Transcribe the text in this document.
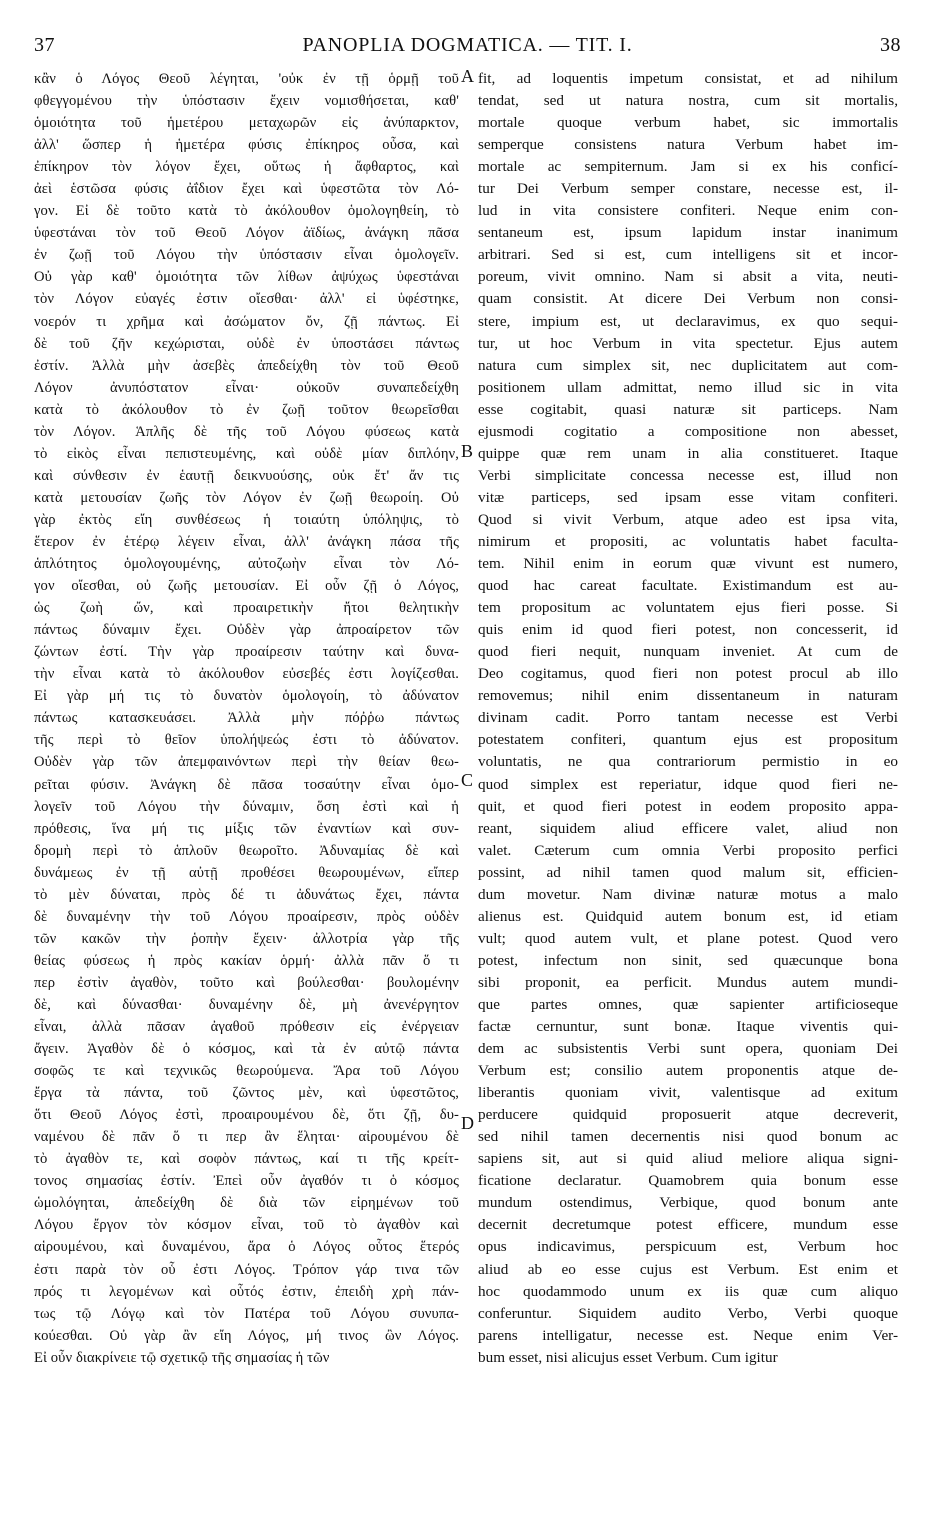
37	PANOPLIA DOGMATICA. — TIT. I.	38
κἂν ὁ Λόγος Θεοῦ λέγηται, 'οὐκ ἐν τῇ ὁρμῇ τοῦ
φθεγγομένου τὴν ὑπόστασιν ἔχειν νομισθήσεται, καθ'
ὁμοιότητα τοῦ ἡμετέρου μεταχωρῶν εἰς ἀνύπαρκτον,
ἀλλ' ὥσπερ ἡ ἡμετέρα φύσις ἐπίκηρος οὖσα, καὶ
ἐπίκηρον τὸν λόγον ἔχει, οὕτως ἡ ἄφθαρτος, καὶ
ἀεὶ ἑστῶσα φύσις ἀΐδιον ἔχει καὶ ὑφεστῶτα τὸν Λό-
γον. Εἰ δὲ τοῦτο κατὰ τὸ ἀκόλουθον ὁμολογηθείη, τὸ
ὑφεστάναι τὸν τοῦ Θεοῦ Λόγον ἀϊδίως, ἀνάγκη πᾶσα
ἐν ζωῇ τοῦ Λόγου τὴν ὑπόστασιν εἶναι ὁμολογεῖν.
Οὐ γὰρ καθ' ὁμοιότητα τῶν λίθων ἀψύχως ὑφεστάναι
τὸν Λόγον εὐαγές ἐστιν οἴεσθαι· ἀλλ' εἰ ὑφέστηκε,
νοερόν τι χρῆμα καὶ ἀσώματον ὄν, ζῇ πάντως. Εἰ
δὲ τοῦ ζῆν κεχώρισται, οὐδὲ ἐν ὑποστάσει πάντως
ἐστίν. Ἀλλὰ μὴν ἀσεβὲς ἀπεδείχθη τὸν τοῦ Θεοῦ
Λόγον ἀνυπόστατον εἶναι· οὐκοῦν συναπεδείχθη
κατὰ τὸ ἀκόλουθον τὸ ἐν ζωῇ τοῦτον θεωρεῖσθαι
τὸν Λόγον. Ἁπλῆς δὲ τῆς τοῦ Λόγου φύσεως κατὰ
τὸ εἰκὸς εἶναι πεπιστευμένης, καὶ οὐδὲ μίαν διπλόην,
καὶ σύνθεσιν ἐν ἑαυτῇ δεικνυούσης, οὐκ ἔτ' ἄν τις
κατὰ μετουσίαν ζωῆς τὸν Λόγον ἐν ζωῇ θεωροίη. Οὐ
γὰρ ἐκτὸς εἴη συνθέσεως ἡ τοιαύτη ὑπόληψις, τὸ
ἕτερον ἐν ἑτέρῳ λέγειν εἶναι, ἀλλ' ἀνάγκη πάσα τῆς
ἁπλότητος ὁμολογουμένης, αὐτοζωὴν εἶναι τὸν Λό-
γον οἴεσθαι, οὐ ζωῆς μετουσίαν. Εἰ οὖν ζῇ ὁ Λόγος,
ὡς ζωὴ ὤν, καὶ προαιρετικὴν ἤτοι θελητικὴν
πάντως δύναμιν ἔχει. Οὐδὲν γὰρ ἀπροαίρετον τῶν
ζώντων ἐστί. Τὴν γὰρ προαίρεσιν ταύτην καὶ δυνα-
τὴν εἶναι κατὰ τὸ ἀκόλουθον εὐσεβές ἐστι λογίζεσθαι.
Εἰ γὰρ μή τις τὸ δυνατὸν ὁμολογοίη, τὸ ἀδύνατον
πάντως κατασκευάσει. Ἀλλὰ μὴν πόῤῥω πάντως
τῆς περὶ τὸ θεῖον ὑπολήψεώς ἐστι τὸ ἀδύνατον.
Οὐδὲν γὰρ τῶν ἀπεμφαινόντων περὶ τὴν θείαν θεω-
ρεῖται φύσιν. Ἀνάγκη δὲ πᾶσα τοσαύτην εἶναι ὁμο-
λογεῖν τοῦ Λόγου τὴν δύναμιν, ὅση ἐστὶ καὶ ἡ
πρόθεσις, ἵνα μή τις μίξις τῶν ἐναντίων καὶ συν-
δρομὴ περὶ τὸ ἁπλοῦν θεωροῖτο. Ἀδυναμίας δὲ καὶ
δυνάμεως ἐν τῇ αὐτῇ προθέσει θεωρουμένων, εἴπερ
τὸ μὲν δύναται, πρὸς δέ τι ἀδυνάτως ἔχει, πάντα
δὲ δυναμένην τὴν τοῦ Λόγου προαίρεσιν, πρὸς οὐδὲν
τῶν κακῶν τὴν ῥοπὴν ἔχειν· ἀλλοτρία γὰρ τῆς
θείας φύσεως ἡ πρὸς κακίαν ὁρμή· ἀλλὰ πᾶν ὅ τι
περ ἐστὶν ἀγαθὸν, τοῦτο καὶ βούλεσθαι· βουλομένην
δὲ, καὶ δύνασθαι· δυναμένην δὲ, μὴ ἀνενέργητον
εἶναι, ἀλλὰ πᾶσαν ἀγαθοῦ πρόθεσιν εἰς ἐνέργειαν
ἄγειν. Ἀγαθὸν δὲ ὁ κόσμος, καὶ τὰ ἐν αὐτῷ πάντα
σοφῶς τε καὶ τεχνικῶς θεωρούμενα. Ἄρα τοῦ Λόγου
ἔργα τὰ πάντα, τοῦ ζῶντος μὲν, καὶ ὑφεστῶτος,
ὅτι Θεοῦ Λόγος ἐστὶ, προαιρουμένου δὲ, ὅτι ζῇ, δυ-
ναμένου δὲ πᾶν ὅ τι περ ἂν ἕληται· αἱρουμένου δὲ
τὸ ἀγαθὸν τε, καὶ σοφὸν πάντως, καί τι τῆς κρείτ-
τονος σημασίας ἐστίν. Ἐπεὶ οὖν ἀγαθόν τι ὁ κόσμος
ὡμολόγηται, ἀπεδείχθη δὲ διὰ τῶν εἰρημένων τοῦ
Λόγου ἔργον τὸν κόσμον εἶναι, τοῦ τὸ ἀγαθὸν καὶ
αἱρουμένου, καὶ δυναμένου, ἄρα ὁ Λόγος οὗτος ἕτερός
ἐστι παρὰ τὸν οὗ ἐστι Λόγος. Τρόπον γάρ τινα τῶν
πρός τι λεγομένων καὶ οὗτός ἐστιν, ἐπειδὴ χρὴ πάν-
τως τῷ Λόγῳ καὶ τὸν Πατέρα τοῦ Λόγου συνυπα-
κούεσθαι. Οὐ γὰρ ἂν εἴη Λόγος, μή τινος ὢν Λόγος.
Εἰ οὖν διακρίνειε τῷ σχετικῷ τῆς σημασίας ἡ τῶν
fit, ad loquentis impetum consistat, et ad nihilum
tendat, sed ut natura nostra, cum sit mortalis,
mortale quoque verbum habet, sic immortalis
semperque consistens natura Verbum habet im-
mortale ac sempiternum. Jam si ex his conficí-
tur Dei Verbum semper constare, necesse est, il-
lud in vita consistere confiteri. Neque enim con-
sentaneum est, ipsum lapidum instar inanimum
arbitrari. Sed si est, cum intelligens sit et incor-
poreum, vivit omnino. Nam si absit a vita, neuti-
quam consistit. At dicere Dei Verbum non consi-
stere, impium est, ut declaravimus, ex quo sequi-
tur, ut hoc Verbum in vita spectetur. Ejus autem
natura cum simplex sit, nec duplicitatem aut com-
positionem ullam admittat, nemo illud sic in vita
esse cogitabit, quasi naturæ sit particeps. Nam
ejusmodi cogitatio a compositione non abesset,
quippe quæ rem unam in alia constitueret. Itaque
Verbi simplicitate concessa necesse est, illud non
vitæ particeps, sed ipsam esse vitam confiteri.
Quod si vivit Verbum, atque adeo est ipsa vita,
nimirum et propositi, ac voluntatis habet faculta-
tem. Nihil enim in eorum quæ vivunt est numero,
quod hac careat facultate. Existimandum est au-
tem propositum ac voluntatem ejus fieri posse. Si
quis enim id quod fieri potest, non concesserit, id
quod fieri nequit, nunquam inveniet. At cum de
Deo cogitamus, quod fieri non potest procul ab illo
removemus; nihil enim dissentaneum in naturam
divinam cadit. Porro tantam necesse est Verbi
potestatem confiteri, quantum ejus est propositum
voluntatis, ne qua contrariorum permistio in eo
quod simplex est reperiatur, idque quod fieri ne-
quit, et quod fieri potest in eodem proposito appa-
reant, siquidem aliud efficere valet, aliud non
valet. Cæterum cum omnia Verbi proposito perfici
possint, ad nihil tamen quod malum sit, efficien-
dum movetur. Nam divinæ naturæ motus a malo
alienus est. Quidquid autem bonum est, id etiam
vult; quod autem vult, et plane potest. Quod vero
potest, infectum non sinit, sed quæcunque bona
sibi proponit, ea perficit. Mundus autem mundi-
que partes omnes, quæ sapienter artificioseque
factæ cernuntur, sunt bonæ. Itaque viventis qui-
dem ac subsistentis Verbi sunt opera, quoniam Dei
Verbum est; consilio autem proponentis atque de-
liberantis quoniam vivit, valentisque ad exitum
perducere quidquid proposuerit atque decreverit,
sed nihil tamen decernentis nisi quod bonum ac
sapiens sit, aut si quid aliud meliore aliqua signi-
ficatione declaratur. Quamobrem quia bonum esse
mundum ostendimus, Verbique, quod bonum ante
decernit decretumque potest efficere, mundum esse
opus indicavimus, perspicuum est, Verbum hoc
aliud ab eo esse cujus est Verbum. Est enim et
hoc quodammodo unum ex iis quæ cum aliquo
conferuntur. Siquidem audito Verbo, Verbi quoque
parens intelligatur, necesse est. Neque enim Ver-
bum esset, nisi alicujus esset Verbum. Cum igitur
A
B
C
D
